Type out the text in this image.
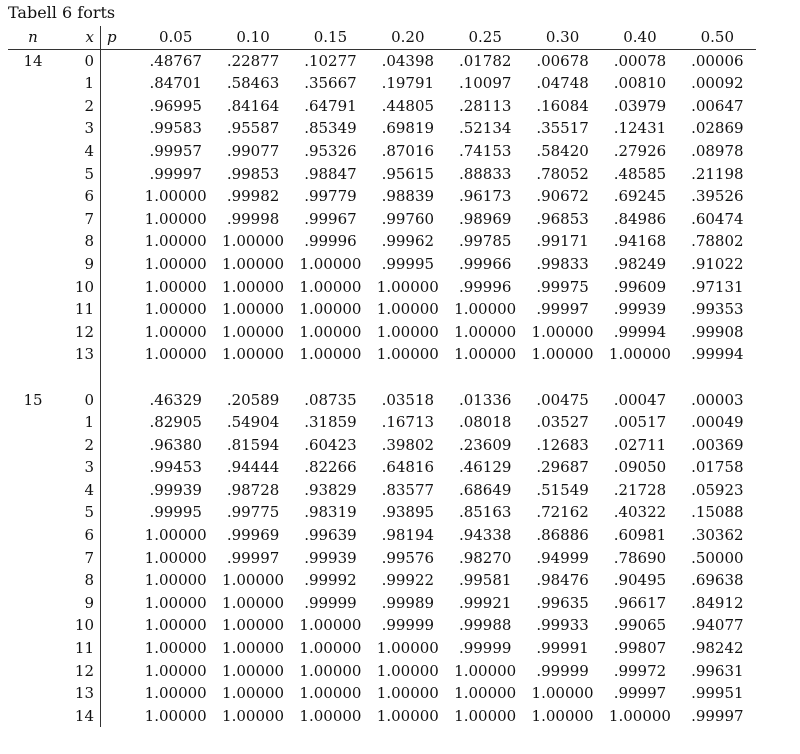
Tabell 6 forts
n	x	p	0.05	0.10	0.15	0.20	0.25	0.30	0.40	0.50
14	0		.48767	.22877	.10277	.04398	.01782	.00678	.00078	.00006
	1		.84701	.58463	.35667	.19791	.10097	.04748	.00810	.00092
	2		.96995	.84164	.64791	.44805	.28113	.16084	.03979	.00647
	3		.99583	.95587	.85349	.69819	.52134	.35517	.12431	.02869
	4		.99957	.99077	.95326	.87016	.74153	.58420	.27926	.08978
	5		.99997	.99853	.98847	.95615	.88833	.78052	.48585	.21198
	6		1.00000	.99982	.99779	.98839	.96173	.90672	.69245	.39526
	7		1.00000	.99998	.99967	.99760	.98969	.96853	.84986	.60474
	8		1.00000	1.00000	.99996	.99962	.99785	.99171	.94168	.78802
	9		1.00000	1.00000	1.00000	.99995	.99966	.99833	.98249	.91022
	10		1.00000	1.00000	1.00000	1.00000	.99996	.99975	.99609	.97131
	11		1.00000	1.00000	1.00000	1.00000	1.00000	.99997	.99939	.99353
	12		1.00000	1.00000	1.00000	1.00000	1.00000	1.00000	.99994	.99908
	13		1.00000	1.00000	1.00000	1.00000	1.00000	1.00000	1.00000	.99994

15	0		.46329	.20589	.08735	.03518	.01336	.00475	.00047	.00003
	1		.82905	.54904	.31859	.16713	.08018	.03527	.00517	.00049
	2		.96380	.81594	.60423	.39802	.23609	.12683	.02711	.00369
	3		.99453	.94444	.82266	.64816	.46129	.29687	.09050	.01758
	4		.99939	.98728	.93829	.83577	.68649	.51549	.21728	.05923
	5		.99995	.99775	.98319	.93895	.85163	.72162	.40322	.15088
	6		1.00000	.99969	.99639	.98194	.94338	.86886	.60981	.30362
	7		1.00000	.99997	.99939	.99576	.98270	.94999	.78690	.50000
	8		1.00000	1.00000	.99992	.99922	.99581	.98476	.90495	.69638
	9		1.00000	1.00000	.99999	.99989	.99921	.99635	.96617	.84912
	10		1.00000	1.00000	1.00000	.99999	.99988	.99933	.99065	.94077
	11		1.00000	1.00000	1.00000	1.00000	.99999	.99991	.99807	.98242
	12		1.00000	1.00000	1.00000	1.00000	1.00000	.99999	.99972	.99631
	13		1.00000	1.00000	1.00000	1.00000	1.00000	1.00000	.99997	.99951
	14		1.00000	1.00000	1.00000	1.00000	1.00000	1.00000	1.00000	.99997
